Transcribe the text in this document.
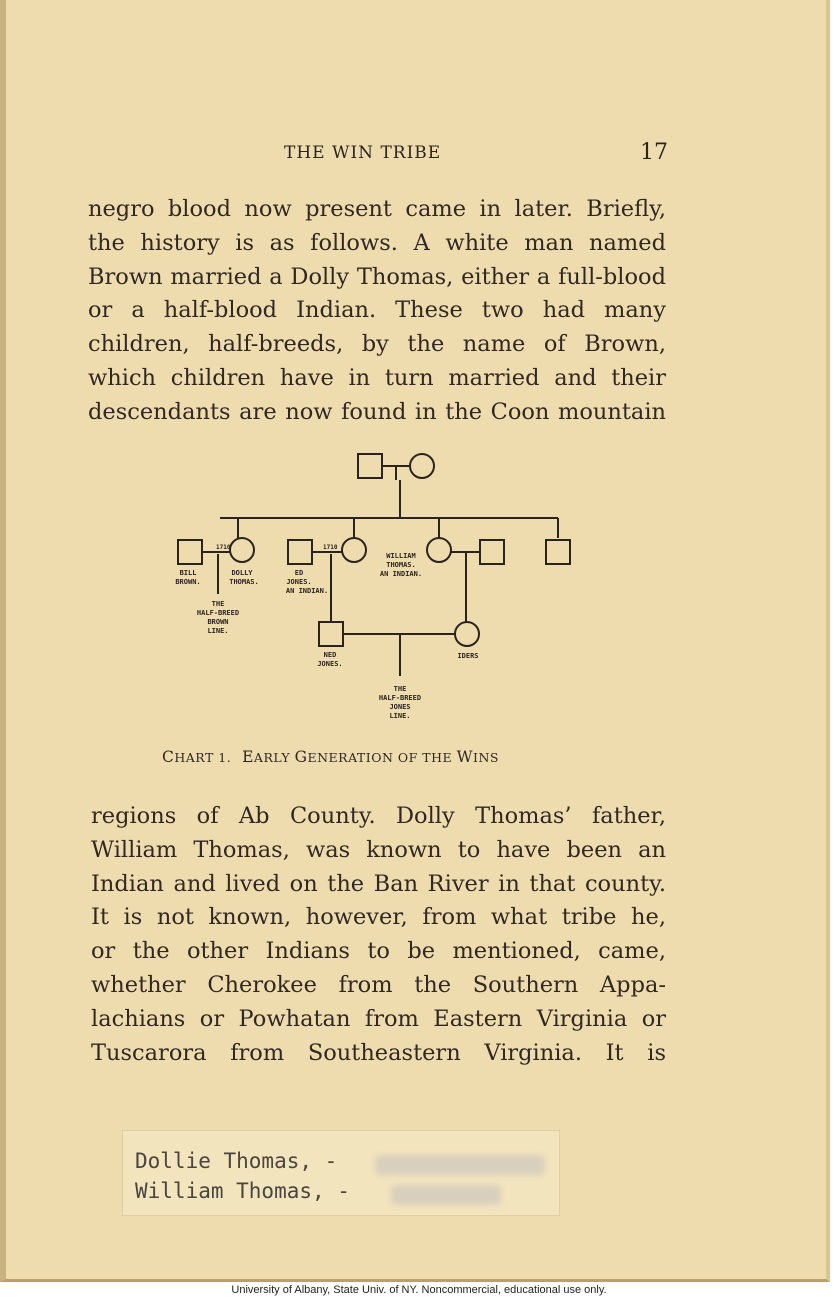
THE WIN TRIBE	17
negro blood now present came in later. Briefly,
the history is as follows. A white man named
Brown married a Dolly Thomas, either a full-blood
or a half-blood Indian. These two had many
children, half-breeds, by the name of Brown,
which children have in turn married and their
descendants are now found in the Coon mountain
WILLIAM
THOMAS.
AN INDIAN.
1710	1710
BILL
BROWN.
DOLLY
THOMAS.
THE
HALF-BREED
BROWN
LINE.
ED
JONES.
AN INDIAN.
NED
JONES.
IDERS
THE
HALF-BREED
JONES
LINE.
CHART 1. EARLY GENERATION OF THE WINS
regions of Ab County. Dolly Thomas’ father,
William Thomas, was known to have been an
Indian and lived on the Ban River in that county.
It is not known, however, from what tribe he,
or the other Indians to be mentioned, came,
whether Cherokee from the Southern Appa-
lachians or Powhatan from Eastern Virginia or
Tuscarora from Southeastern Virginia. It is
Dollie Thomas, -
William Thomas, -
University of Albany, State Univ. of NY. Noncommercial, educational use only.
